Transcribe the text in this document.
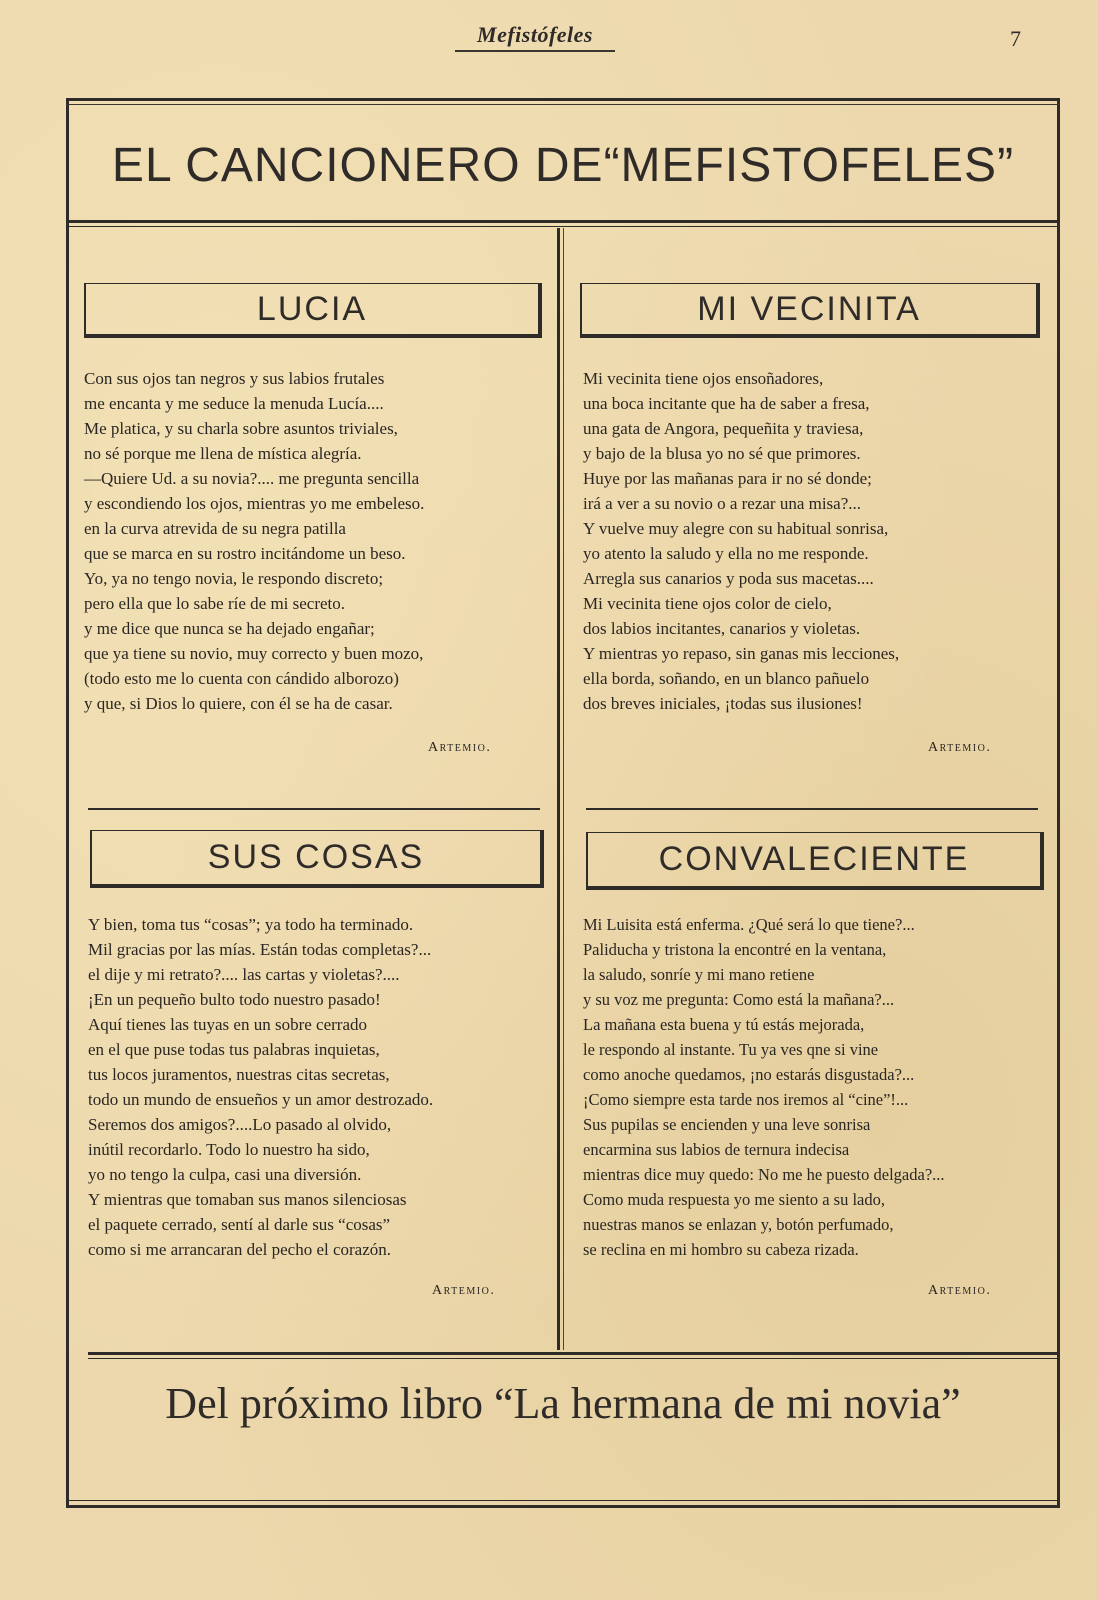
Mefistófeles	7
EL CANCIONERO DE“MEFISTOFELES”
LUCIA
Con sus ojos tan negros y sus labios frutales
me encanta y me seduce la menuda Lucía....
Me platica, y su charla sobre asuntos triviales,
no sé porque me llena de mística alegría.
—Quiere Ud. a su novia?.... me pregunta sencilla
y escondiendo los ojos, mientras yo me embeleso.
en la curva atrevida de su negra patilla
que se marca en su rostro incitándome un beso.
Yo, ya no tengo novia, le respondo discreto;
pero ella que lo sabe ríe de mi secreto.
y me dice que nunca se ha dejado engañar;
que ya tiene su novio, muy correcto y buen mozo,
(todo esto me lo cuenta con cándido alborozo)
y que, si Dios lo quiere, con él se ha de casar.
Artemio.
MI VECINITA
Mi vecinita tiene ojos ensoñadores,
una boca incitante que ha de saber a fresa,
una gata de Angora, pequeñita y traviesa,
y bajo de la blusa yo no sé que primores.
Huye por las mañanas para ir no sé donde;
irá a ver a su novio o a rezar una misa?...
Y vuelve muy alegre con su habitual sonrisa,
yo atento la saludo y ella no me responde.
Arregla sus canarios y poda sus macetas....
Mi vecinita tiene ojos color de cielo,
dos labios incitantes, canarios y violetas.
Y mientras yo repaso, sin ganas mis lecciones,
ella borda, soñando, en un blanco pañuelo
dos breves iniciales, ¡todas sus ilusiones!
Artemio.
SUS COSAS
Y bien, toma tus “cosas”; ya todo ha terminado.
Mil gracias por las mías. Están todas completas?...
el dije y mi retrato?.... las cartas y violetas?....
¡En un pequeño bulto todo nuestro pasado!
Aquí tienes las tuyas en un sobre cerrado
en el que puse todas tus palabras inquietas,
tus locos juramentos, nuestras citas secretas,
todo un mundo de ensueños y un amor destrozado.
Seremos dos amigos?....Lo pasado al olvido,
inútil recordarlo. Todo lo nuestro ha sido,
yo no tengo la culpa, casi una diversión.
Y mientras que tomaban sus manos silenciosas
el paquete cerrado, sentí al darle sus “cosas”
como si me arrancaran del pecho el corazón.
Artemio.
CONVALECIENTE
Mi Luisita está enferma. ¿Qué será lo que tiene?...
Paliducha y tristona la encontré en la ventana,
la saludo, sonríe y mi mano retiene
y su voz me pregunta: Como está la mañana?...
La mañana esta buena y tú estás mejorada,
le respondo al instante. Tu ya ves qne si vine
como anoche quedamos, ¡no estarás disgustada?...
¡Como siempre esta tarde nos iremos al “cine”!...
Sus pupilas se encienden y una leve sonrisa
encarmina sus labios de ternura indecisa
mientras dice muy quedo: No me he puesto delgada?...
Como muda respuesta yo me siento a su lado,
nuestras manos se enlazan y, botón perfumado,
se reclina en mi hombro su cabeza rizada.
Artemio.
Del próximo libro “La hermana de mi novia”
